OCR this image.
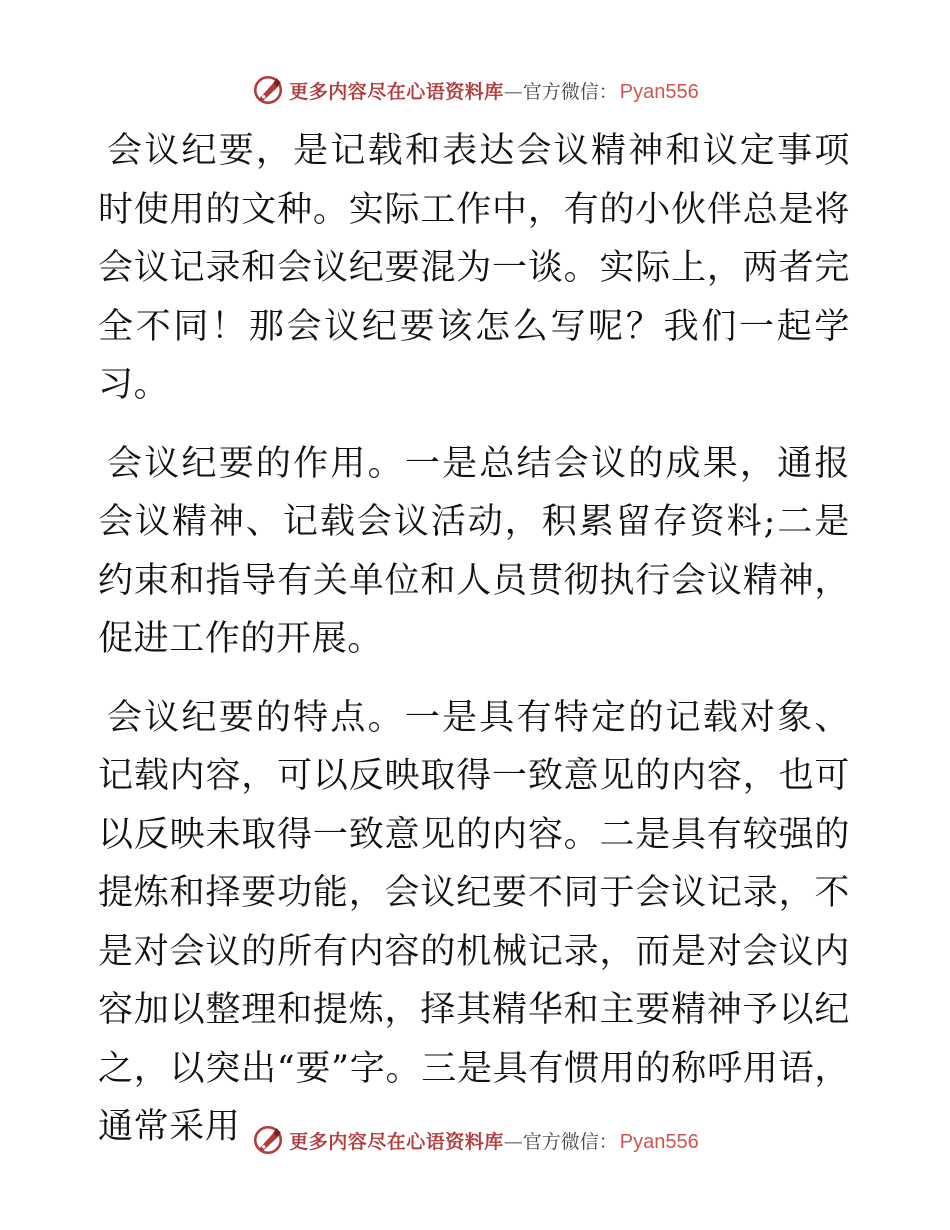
更多内容尽在心语资料库 — 官方微信： Pyan556

会议纪要，是记载和表达会议精神和议定事项时使用的文种。实际工作中，有的小伙伴总是将会议记录和会议纪要混为一谈。实际上，两者完全不同！那会议纪要该怎么写呢？我们一起学习。

会议纪要的作用。一是总结会议的成果，通报会议精神、记载会议活动，积累留存资料;二是约束和指导有关单位和人员贯彻执行会议精神，促进工作的开展。

会议纪要的特点。一是具有特定的记载对象、记载内容，可以反映取得一致意见的内容，也可以反映未取得一致意见的内容。二是具有较强的提炼和择要功能，会议纪要不同于会议记录，不是对会议的所有内容的机械记录，而是对会议内容加以整理和提炼，择其精华和主要精神予以纪之，以突出“要”字。三是具有惯用的称呼用语，通常采用	更多内容尽在心语资料库 — 官方微信： Pyan556
